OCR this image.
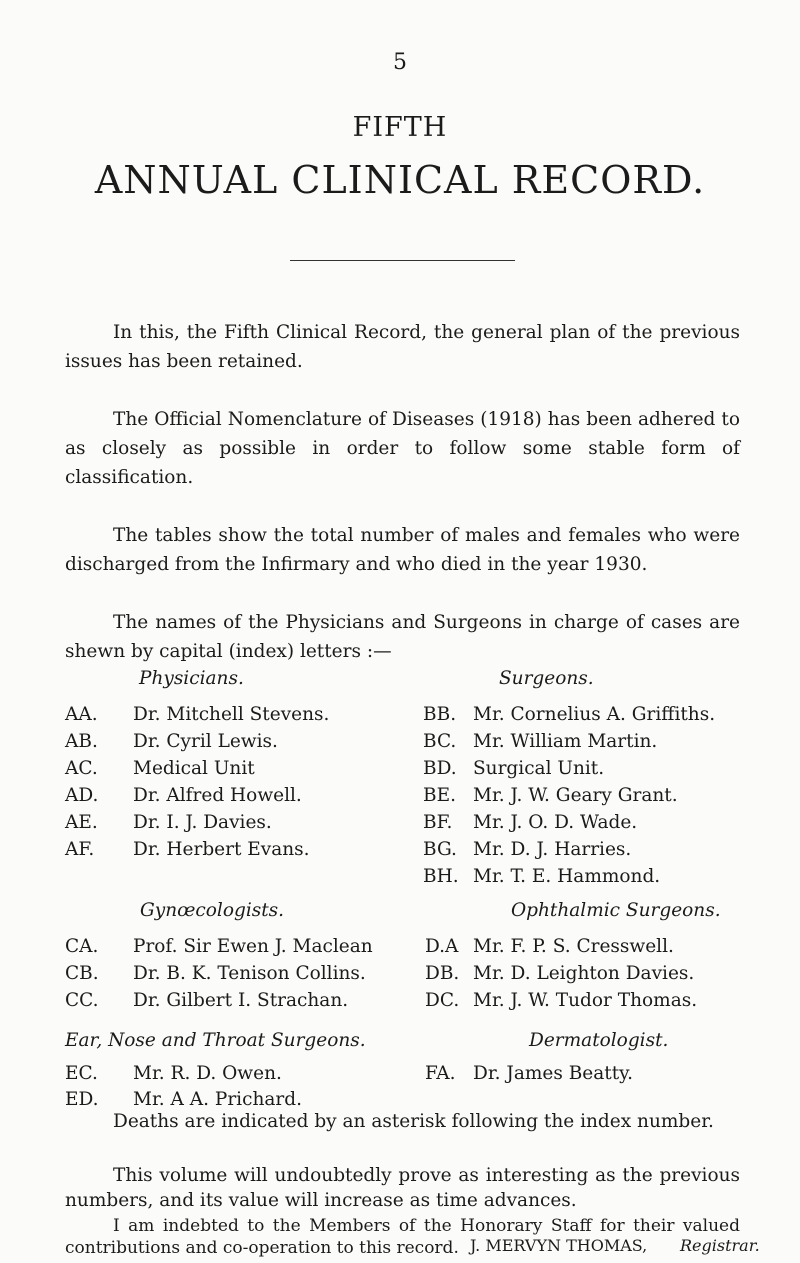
5
FIFTH
ANNUAL CLINICAL RECORD.

In this, the Fifth Clinical Record, the general plan of the previous issues has been retained.

The Official Nomenclature of Diseases (1918) has been adhered to as closely as possible in order to follow some stable form of classification.

The tables show the total number of males and females who were discharged from the Infirmary and who died in the year 1930.

The names of the Physicians and Surgeons in charge of cases are shewn by capital (index) letters :—

Physicians.
AA. Dr. Mitchell Stevens.
AB. Dr. Cyril Lewis.
AC. Medical Unit
AD. Dr. Alfred Howell.
AE. Dr. I. J. Davies.
AF. Dr. Herbert Evans.
Surgeons.
BB. Mr. Cornelius A. Griffiths.
BC. Mr. William Martin.
BD. Surgical Unit.
BE. Mr. J. W. Geary Grant.
BF. Mr. J. O. D. Wade.
BG. Mr. D. J. Harries.
BH. Mr. T. E. Hammond.
Gynœcologists.
CA. Prof. Sir Ewen J. Maclean
CB. Dr. B. K. Tenison Collins.
CC. Dr. Gilbert I. Strachan.
Ophthalmic Surgeons.
D.A Mr. F. P. S. Cresswell.
DB. Mr. D. Leighton Davies.
DC. Mr. J. W. Tudor Thomas.
Ear, Nose and Throat Surgeons.
EC. Mr. R. D. Owen.
ED. Mr. A A. Prichard.
Dermatologist.
FA. Dr. James Beatty.

Deaths are indicated by an asterisk following the index number.

This volume will undoubtedly prove as interesting as the previous numbers, and its value will increase as time advances.

I am indebted to the Members of the Honorary Staff for their valued contributions and co-operation to this record. J. MERVYN THOMAS, Registrar.
